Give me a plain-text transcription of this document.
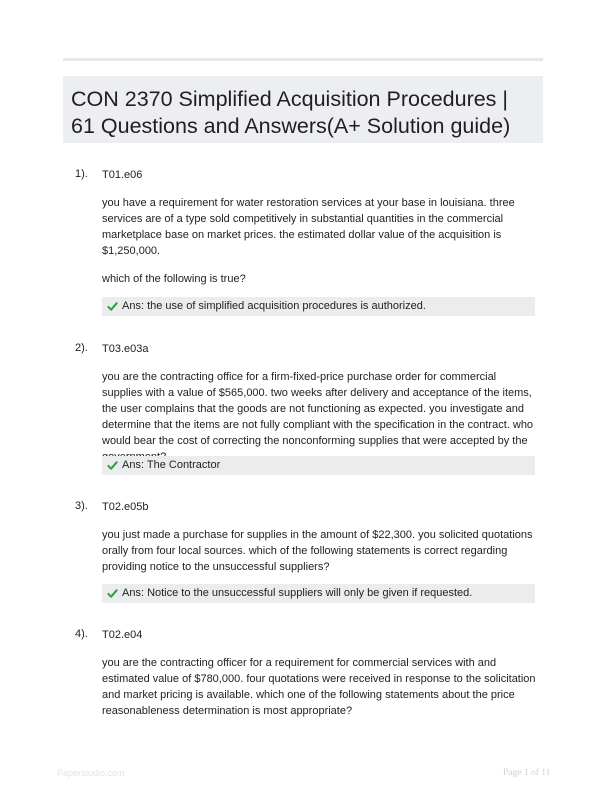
CON 2370 Simplified Acquisition Procedures | 61 Questions and Answers(A+ Solution guide)
1). T01.e06
you have a requirement for water restoration services at your base in louisiana. three services are of a type sold competitively in substantial quantities in the commercial marketplace base on market prices. the estimated dollar value of the acquisition is $1,250,000.
which of the following is true?
Ans: the use of simplified acquisition procedures is authorized.
2). T03.e03a
you are the contracting office for a firm-fixed-price purchase order for commercial supplies with a value of $565,000. two weeks after delivery and acceptance of the items, the user complains that the goods are not functioning as expected. you investigate and determine that the items are not fully compliant with the specification in the contract. who would bear the cost of correcting the nonconforming supplies that were accepted by the
Ans: The Contractor
3). T02.e05b
you just made a purchase for supplies in the amount of $22,300. you solicited quotations orally from four local sources. which of the following statements is correct regarding providing notice to the unsuccessful suppliers?
Ans: Notice to the unsuccessful suppliers will only be given if requested.
4). T02.e04
you are the contracting officer for a requirement for commercial services with and estimated value of $780,000. four quotations were received in response to the solicitation and market pricing is available. which one of the following statements about the price reasonableness determination is most appropriate?
Paperstudio.com	Page 1 of 11
